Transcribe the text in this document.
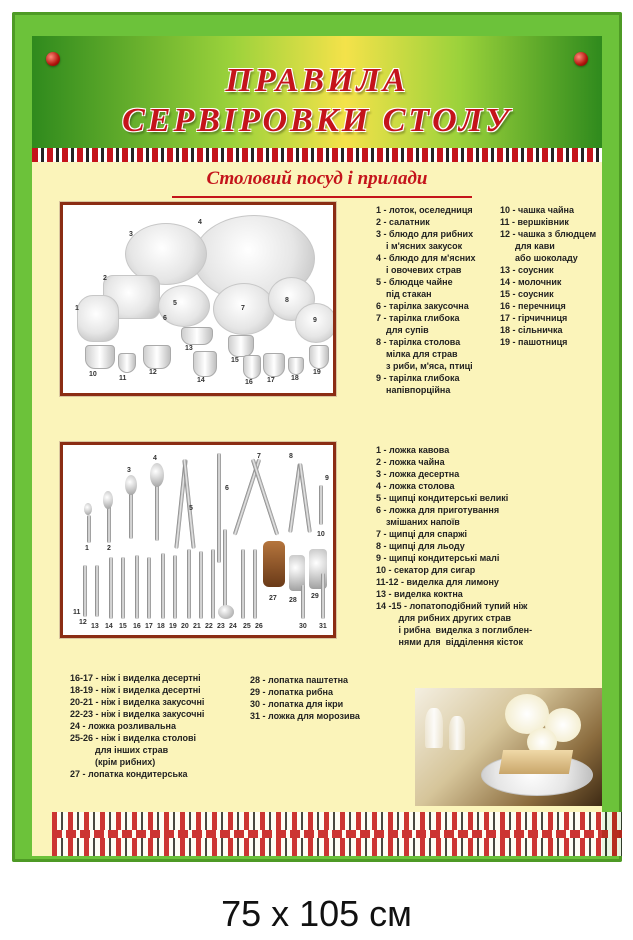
ПРАВИЛА
СЕРВІРОВКИ СТОЛУ
Столовий посуд і прилади
4
3
2
1
5
6
7
8
9
10
11
12
13
14
15
16 17 18
19
1 - лоток, оселедниця
2 - салатник
3 - блюдо для рибних
і м'ясних закусок
4 - блюдо для м'ясних
і овочевих страв
5 - блюдце чайне
під стакан
6 - тарілка закусочна
7 - тарілка глибока
для супів
8 - тарілка столова
мілка для страв
з риби, м'яса, птиці
9 - тарілка глибока
напівпорційна
10 - чашка чайна
11 - вершківник
12 - чашка з блюдцем
для кави
або шоколаду
13 - соусник
14 - молочник
15 - соусник
16 - перечниця
17 - гірчичниця
18 - сільничка
19 - пашотниця
1	2
3
4
5
6
7	8
9
10
11
12
13 14 15 16 17 18 19 20 21 22 23 24 25 26
27 28
29
30 31
1 - ложка кавова
2 - ложка чайна
3 - ложка десертна
4 - ложка столова
5 - щипці кондитерські великі
6 - ложка для приготування
змішаних напоїв
7 - щипці для спаржі
8 - щипці для льоду
9 - щипці кондитерські малі
10 - секатор для сигар
11-12 - виделка для лимону
13 - виделка коктна
14 -15 - лопатоподібний тупий ніж
для рибних других страв
і рибна  виделка з поглиблен-
нями для  відділення кісток
16-17 - ніж і виделка десертні
18-19 - ніж і виделка десертні
20-21 - ніж і виделка закусочні
22-23 - ніж і виделка закусочні
24 - ложка розливальна
25-26 - ніж і виделка столові
для інших страв
(крім рибних)
27 - лопатка кондитерська
28 - лопатка паштетна
29 - лопатка рибна
30 - лопатка для ікри
31 - ложка для морозива
75 х 105 см
